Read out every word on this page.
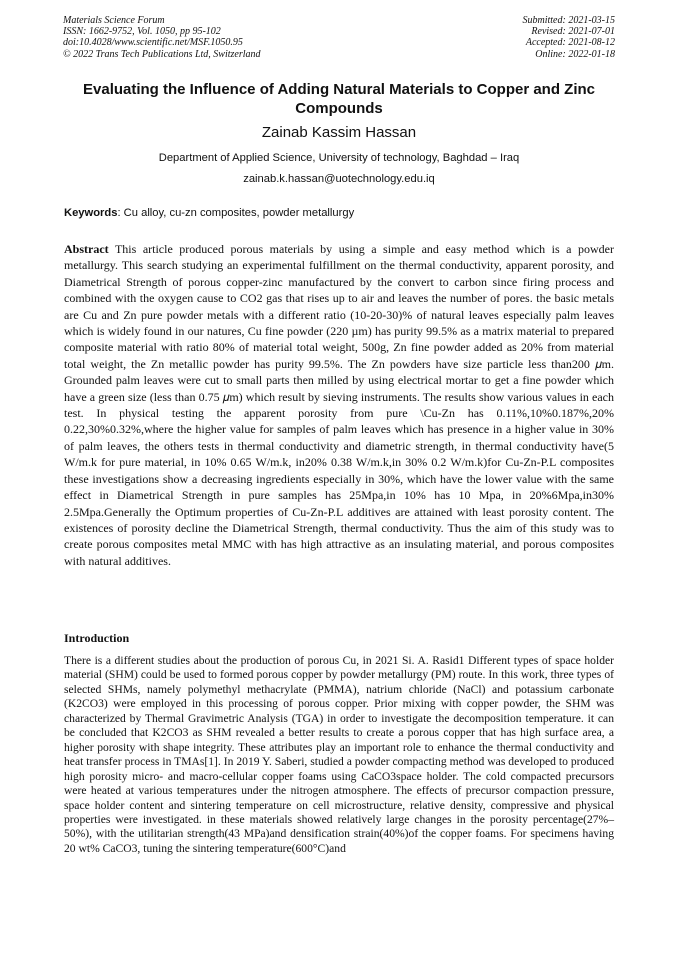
Materials Science Forum
ISSN: 1662-9752, Vol. 1050, pp 95-102
doi:10.4028/www.scientific.net/MSF.1050.95
© 2022 Trans Tech Publications Ltd, Switzerland
Submitted: 2021-03-15
Revised: 2021-07-01
Accepted: 2021-08-12
Online: 2022-01-18
Evaluating the Influence of Adding Natural Materials to Copper and Zinc Compounds
Zainab Kassim Hassan
Department of Applied Science, University of technology, Baghdad – Iraq
zainab.k.hassan@uotechnology.edu.iq
Keywords: Cu alloy, cu-zn composites, powder metallurgy

Abstract This article produced porous materials by using a simple and easy method which is a powder metallurgy. This search studying an experimental fulfillment on the thermal conductivity, apparent porosity, and Diametrical Strength of porous copper-zinc manufactured by the convert to carbon since firing process and combined with the oxygen cause to CO2 gas that rises up to air and leaves the number of pores. the basic metals are Cu and Zn pure powder metals with a different ratio (10-20-30)% of natural leaves especially palm leaves which is widely found in our natures, Cu fine powder (220 µm) has purity 99.5% as a matrix material to prepared composite material with ratio 80% of material total weight, 500g, Zn fine powder added as 20% from material total weight, the Zn metallic powder has purity 99.5%. The Zn powders have size particle less than200 𝜇m. Grounded palm leaves were cut to small parts then milled by using electrical mortar to get a fine powder which have a green size (less than 0.75 𝜇m) which result by sieving instruments. The results show various values in each test. In physical testing the apparent porosity from pure \Cu-Zn has 0.11%,10%0.187%,20% 0.22,30%0.32%,where the higher value for samples of palm leaves which has presence in a higher value in 30% of palm leaves, the others tests in thermal conductivity and diametric strength, in thermal conductivity have(5 W/m.k for pure material, in 10% 0.65 W/m.k, in20% 0.38 W/m.k,in 30% 0.2 W/m.k)for Cu-Zn-P.L composites these investigations show a decreasing ingredients especially in 30%, which have the lower value with the same effect in Diametrical Strength in pure samples has 25Mpa,in 10% has 10 Mpa, in 20%6Mpa,in30% 2.5Mpa.Generally the Optimum properties of Cu-Zn-P.L additives are attained with least porosity content. The existences of porosity decline the Diametrical Strength, thermal conductivity. Thus the aim of this study was to create porous composites metal MMC with has high attractive as an insulating material, and porous composites with natural additives.

Introduction

There is a different studies about the production of porous Cu, in 2021 Si. A. Rasid1 Different types of space holder material (SHM) could be used to formed porous copper by powder metallurgy (PM) route. In this work, three types of selected SHMs, namely polymethyl methacrylate (PMMA), natrium chloride (NaCl) and potassium carbonate (K2CO3) were employed in this processing of porous copper. Prior mixing with copper powder, the SHM was characterized by Thermal Gravimetric Analysis (TGA) in order to investigate the decomposition temperature. it can be concluded that K2CO3 as SHM revealed a better results to create a porous copper that has high surface area, a higher porosity with shape integrity. These attributes play an important role to enhance the thermal conductivity and heat transfer process in TMAs[1]. In 2019 Y. Saberi, studied a powder compacting method was developed to produced high porosity micro- and macro-cellular copper foams using CaCO3space holder. The cold compacted precursors were heated at various temperatures under the nitrogen atmosphere. The effects of precursor compaction pressure, space holder content and sintering temperature on cell microstructure, relative density, compressive and physical properties were investigated. in these materials showed relatively large changes in the porosity percentage(27%–50%), with the utilitarian strength(43 MPa)and densification strain(40%)of the copper foams. For specimens having 20 wt% CaCO3, tuning the sintering temperature(600°C)and
